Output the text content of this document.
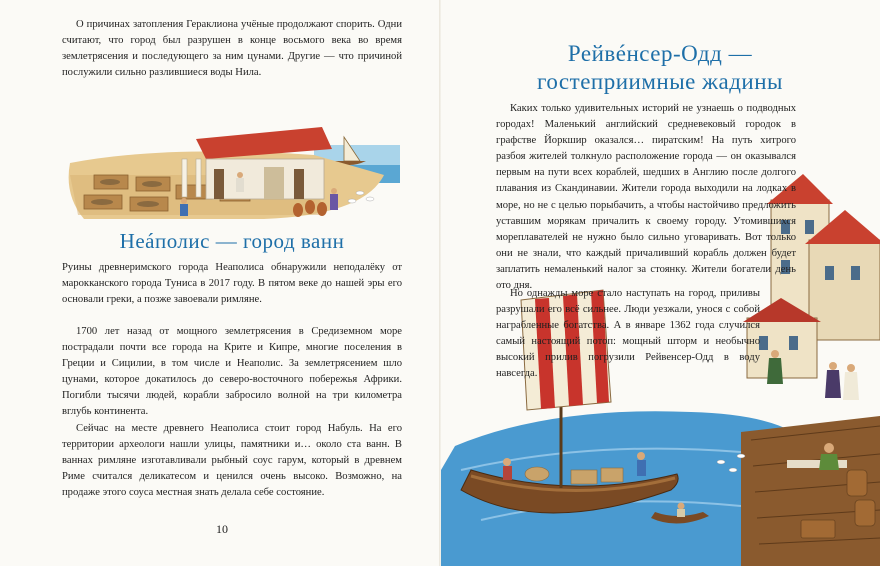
О причинах затопления Гераклиона учёные продолжают спорить. Одни считают, что город был разрушен в конце восьмого века во время землетрясения и последующего за ним цунами. Другие — что причиной послужили сильно разлившиеся воды Нила.

Неáполис — город ванн

Руины древнеримского города Неаполиса обнаружили неподалёку от марокканского города Туниса в 2017 году. В пятом веке до нашей эры его основали греки, а позже завоевали римляне.

1700 лет назад от мощного землетрясения в Средиземном море пострадали почти все города на Крите и Кипре, многие поселения в Греции и Сицилии, в том числе и Неаполис. За землетрясением шло цунами, которое докатилось до северо-восточного побережья Африки. Погибли тысячи людей, корабли забросило волной на три километра вглубь континента.

Сейчас на месте древнего Неаполиса стоит город Набуль. На его территории археологи нашли улицы, памятники и… около ста ванн. В ваннах римляне изготавливали рыбный соус гарум, который в древнем Риме считался деликатесом и ценился очень высоко. Возможно, на продаже этого соуса местная знать делала себе состояние.

10
Рейвéнсер-Одд —
гостеприимные жадины

Каких только удивительных историй не узнаешь о подводных городах! Маленький английский средневековый городок в графстве Йоркшир оказался… пиратским! На путь хитрого разбоя жителей толкнуло расположение города — он оказывался первым на пути всех кораблей, шедших в Англию после долгого плавания из Скандинавии. Жители города выходили на лодках в море, но не с целью порыбачить, а чтобы настойчиво предложить уставшим морякам причалить к своему городу. Утомившихся мореплавателей не нужно было сильно уговаривать. Вот только они не знали, что каждый причаливший корабль должен будет заплатить немаленький налог за стоянку. Жители богатели день ото дня.

Но однажды море стало наступать на город, приливы разрушали его всё сильнее. Люди уезжали, унося с собой награбленные богатства. А в январе 1362 года случился самый настоящий потоп: мощный шторм и необычно высокий прилив погрузили Рейвенсер-Одд в воду навсегда.
